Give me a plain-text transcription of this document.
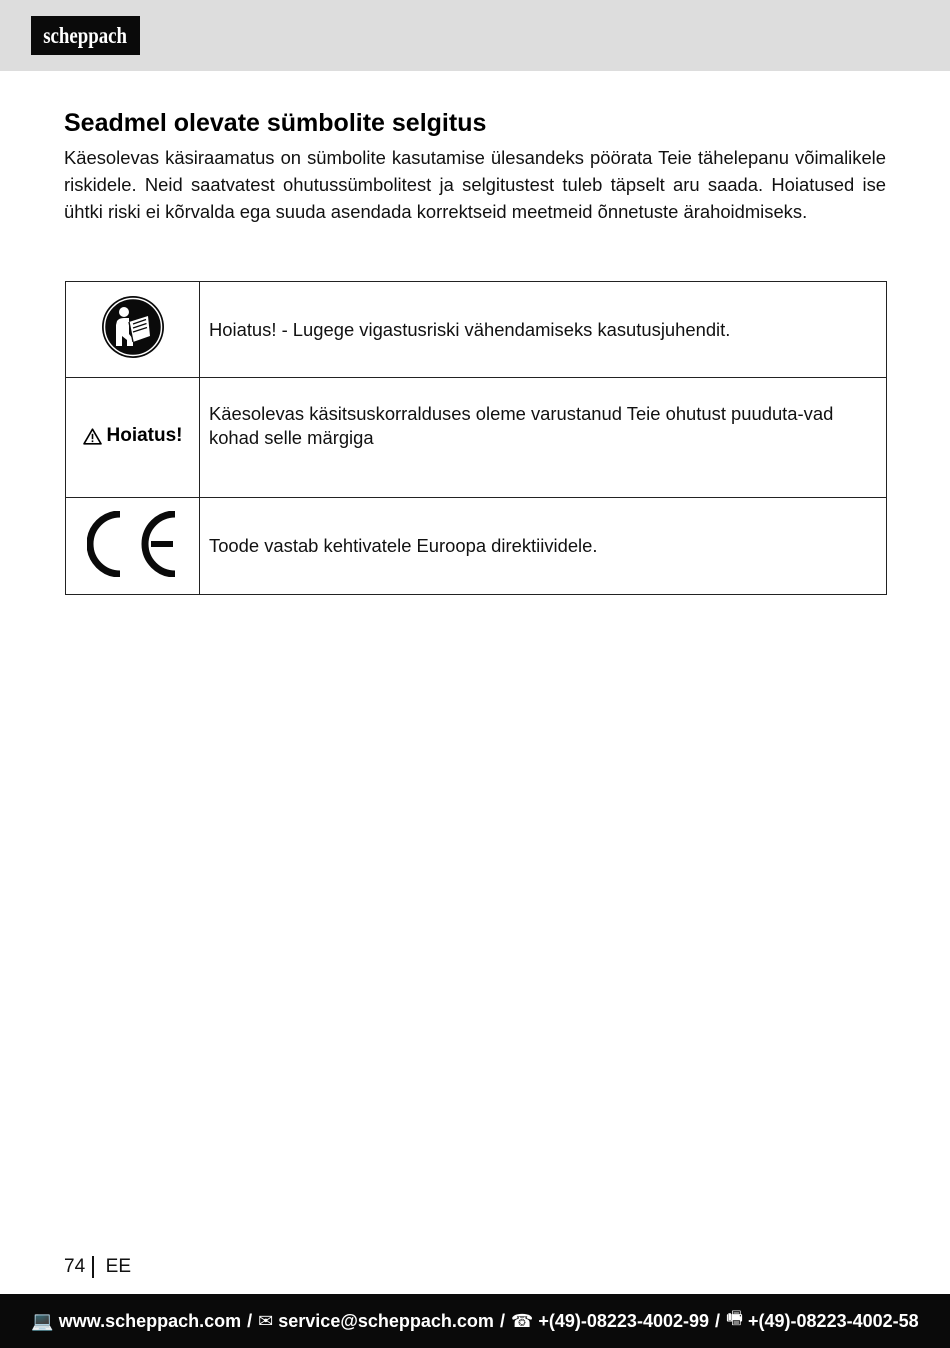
scheppach
Seadmel olevate sümbolite selgitus

Käesolevas käsiraamatus on sümbolite kasutamise ülesandeks pöörata Teie tähelepanu võimalikele riskidele. Neid saatvatest ohutussümbolitest ja selgitustest tuleb täpselt aru saada. Hoiatused ise ühtki riski ei kõrvalda ega suuda asendada korrektseid meetmeid õnnetuste ärahoidmiseks.

	Hoiatus! - Lugege vigastusriski vähendamiseks kasutusjuhendit.

Hoiatus!	Käesolevas käsitsuskorralduses oleme varustanud Teie ohutust puuduta-vad kohad selle märgiga
	Toode vastab kehtivatele Euroopa direktiividele.
74 EE
💻 www.scheppach.com / ✉ service@scheppach.com / ☎ +(49)-08223-4002-99 / 🖷 +(49)-08223-4002-58
